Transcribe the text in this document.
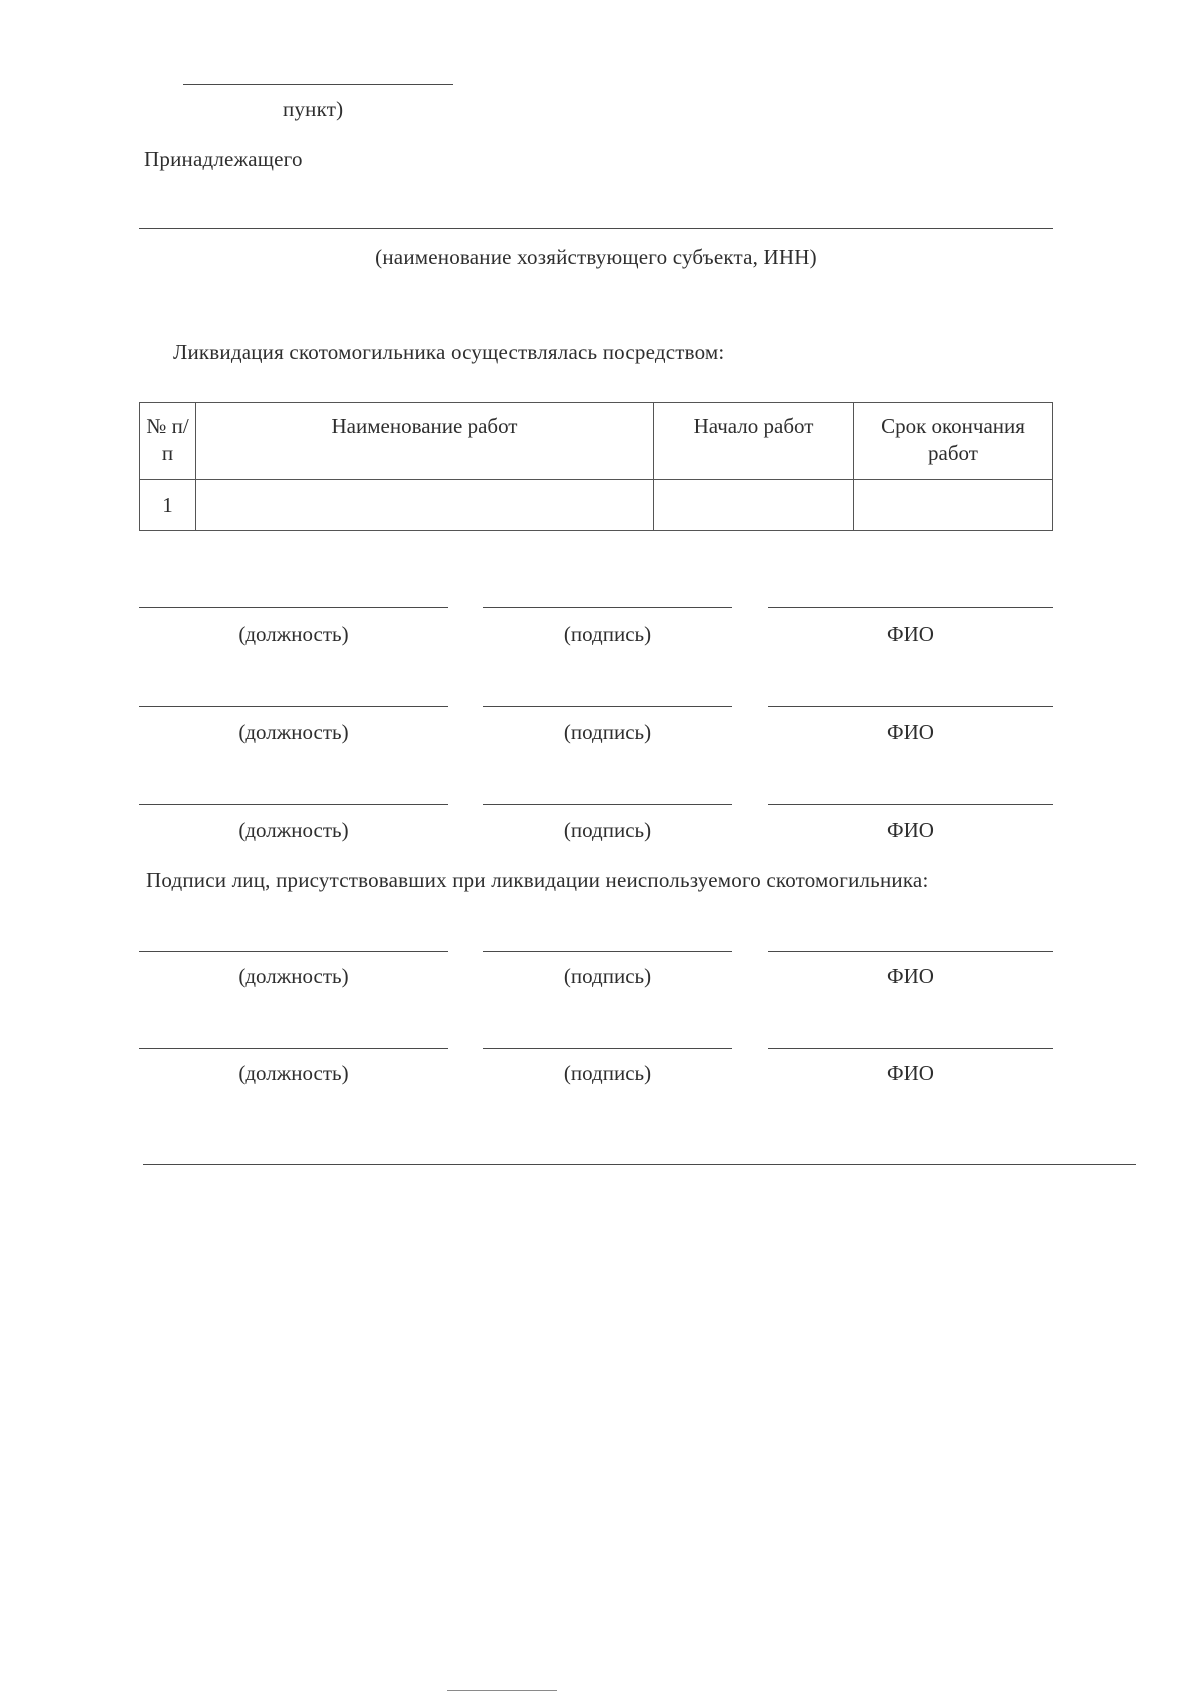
пункт)
Принадлежащего
(наименование хозяйствующего субъекта, ИНН)
Ликвидация скотомогильника осуществлялась посредством:
№ п/п	Наименование работ	Начало работ	Срок окончания работ
1			
(должность)	(подпись)	ФИО
(должность)	(подпись)	ФИО
(должность)	(подпись)	ФИО
Подписи лиц, присутствовавших при ликвидации неиспользуемого скотомогильника:
(должность)	(подпись)	ФИО
(должность)	(подпись)	ФИО
